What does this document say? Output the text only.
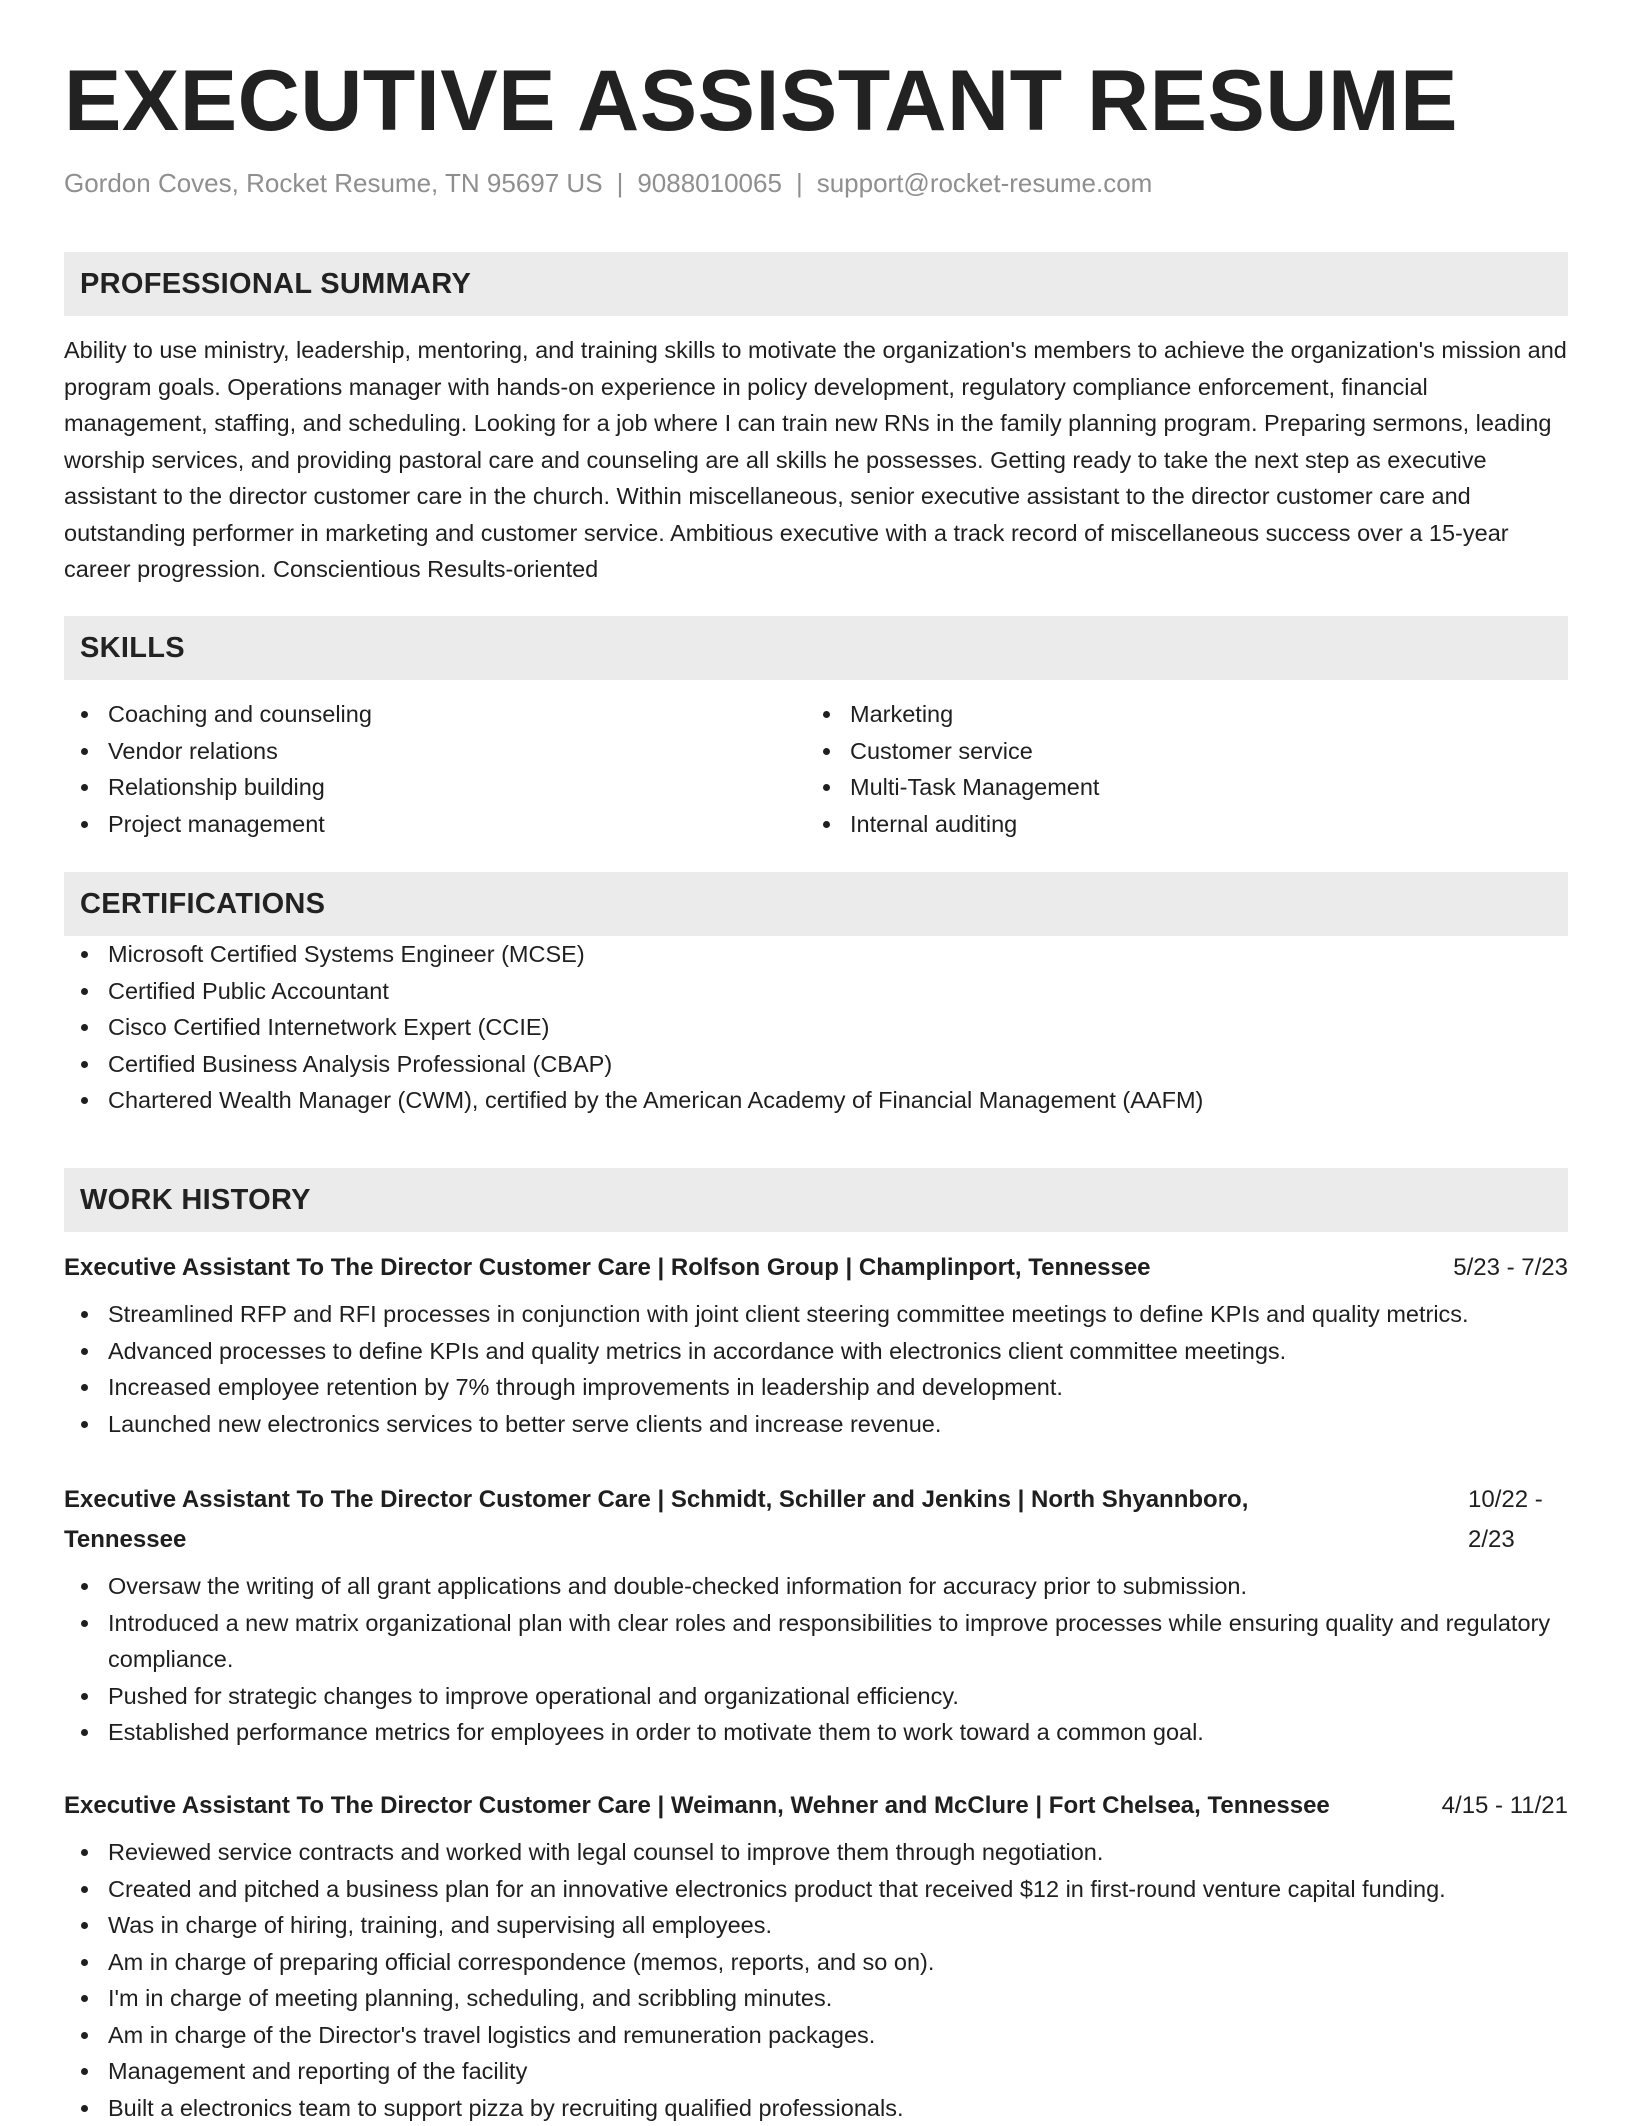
EXECUTIVE ASSISTANT RESUME
Gordon Coves, Rocket Resume, TN 95697 US | 9088010065 | support@rocket-resume.com
PROFESSIONAL SUMMARY

Ability to use ministry, leadership, mentoring, and training skills to motivate the organization's members to achieve the organization's mission and program goals. Operations manager with hands-on experience in policy development, regulatory compliance enforcement, financial management, staffing, and scheduling. Looking for a job where I can train new RNs in the family planning program. Preparing sermons, leading worship services, and providing pastoral care and counseling are all skills he possesses. Getting ready to take the next step as executive assistant to the director customer care in the church. Within miscellaneous, senior executive assistant to the director customer care and outstanding performer in marketing and customer service. Ambitious executive with a track record of miscellaneous success over a 15-year career progression. Conscientious Results-oriented

SKILLS
Coaching and counseling
Vendor relations
Relationship building
Project management
Marketing
Customer service
Multi-Task Management
Internal auditing
CERTIFICATIONS
Microsoft Certified Systems Engineer (MCSE)
Certified Public Accountant
Cisco Certified Internetwork Expert (CCIE)
Certified Business Analysis Professional (CBAP)
Chartered Wealth Manager (CWM), certified by the American Academy of Financial Management (AAFM)
WORK HISTORY
Executive Assistant To The Director Customer Care | Rolfson Group | Champlinport, Tennessee	5/23 - 7/23
Streamlined RFP and RFI processes in conjunction with joint client steering committee meetings to define KPIs and quality metrics.
Advanced processes to define KPIs and quality metrics in accordance with electronics client committee meetings.
Increased employee retention by 7% through improvements in leadership and development.
Launched new electronics services to better serve clients and increase revenue.
Executive Assistant To The Director Customer Care | Schmidt, Schiller and Jenkins | North Shyannboro, Tennessee
10/22 - 2/23
Oversaw the writing of all grant applications and double-checked information for accuracy prior to submission.
Introduced a new matrix organizational plan with clear roles and responsibilities to improve processes while ensuring quality and regulatory compliance.
Pushed for strategic changes to improve operational and organizational efficiency.
Established performance metrics for employees in order to motivate them to work toward a common goal.
Executive Assistant To The Director Customer Care | Weimann, Wehner and McClure | Fort Chelsea, Tennessee	4/15 - 11/21
Reviewed service contracts and worked with legal counsel to improve them through negotiation.
Created and pitched a business plan for an innovative electronics product that received $12 in first-round venture capital funding.
Was in charge of hiring, training, and supervising all employees.
Am in charge of preparing official correspondence (memos, reports, and so on).
I'm in charge of meeting planning, scheduling, and scribbling minutes.
Am in charge of the Director's travel logistics and remuneration packages.
Management and reporting of the facility
Built a electronics team to support pizza by recruiting qualified professionals.
